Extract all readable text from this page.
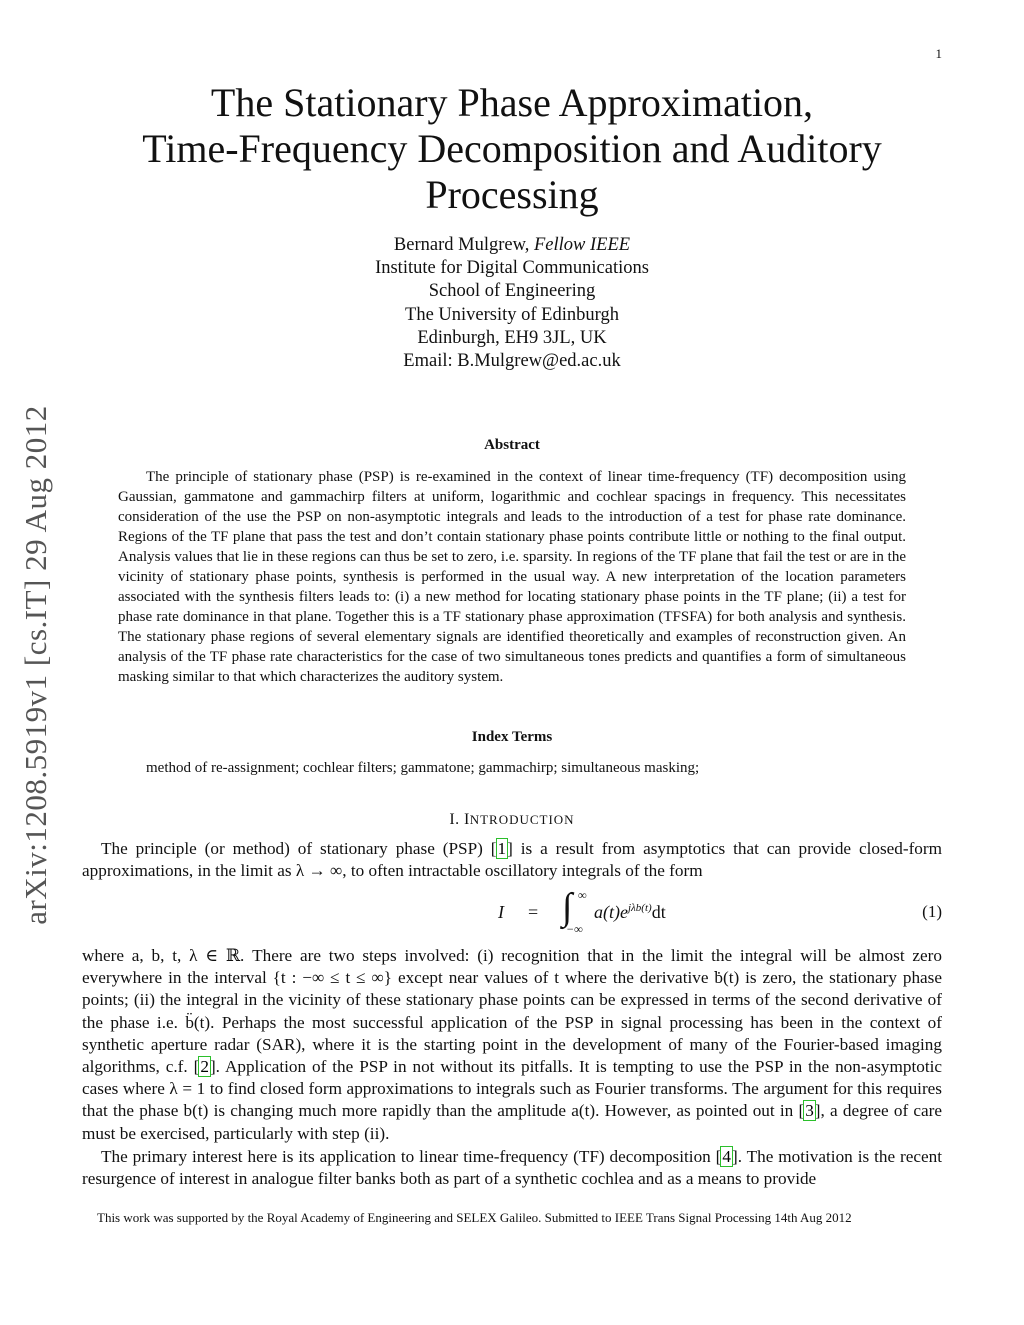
1
arXiv:1208.5919v1 [cs.IT] 29 Aug 2012
The Stationary Phase Approximation,
Time-Frequency Decomposition and Auditory
Processing
Bernard Mulgrew, Fellow IEEE
Institute for Digital Communications
School of Engineering
The University of Edinburgh
Edinburgh, EH9 3JL, UK
Email: B.Mulgrew@ed.ac.uk
Abstract

The principle of stationary phase (PSP) is re-examined in the context of linear time-frequency (TF) decomposition using Gaussian, gammatone and gammachirp filters at uniform, logarithmic and cochlear spacings in frequency. This necessitates consideration of the use the PSP on non-asymptotic integrals and leads to the introduction of a test for phase rate dominance. Regions of the TF plane that pass the test and don’t contain stationary phase points contribute little or nothing to the final output. Analysis values that lie in these regions can thus be set to zero, i.e. sparsity. In regions of the TF plane that fail the test or are in the vicinity of stationary phase points, synthesis is performed in the usual way. A new interpretation of the location parameters associated with the synthesis filters leads to: (i) a new method for locating stationary phase points in the TF plane; (ii) a test for phase rate dominance in that plane. Together this is a TF stationary phase approximation (TFSFA) for both analysis and synthesis. The stationary phase regions of several elementary signals are identified theoretically and examples of reconstruction given. An analysis of the TF phase rate characteristics for the case of two simultaneous tones predicts and quantifies a form of simultaneous masking similar to that which characterizes the auditory system.

Index Terms
method of re-assignment; cochlear filters; gammatone; gammachirp; simultaneous masking;
I. INTRODUCTION

The principle (or method) of stationary phase (PSP) [1] is a result from asymptotics that can provide closed-form approximations, in the limit as λ → ∞, to often intractable oscillatory integrals of the form

I = ∫ ∞
−∞
$a(t)e^{j\lambda b(t)}dt$	(1)

where a, b, t, λ ∈ ℝ. There are two steps involved: (i) recognition that in the limit the integral will be almost zero everywhere in the interval {t : −∞ ≤ t ≤ ∞} except near values of t where the derivative ḃ(t) is zero, the stationary phase points; (ii) the integral in the vicinity of these stationary phase points can be expressed in terms of the second derivative of the phase i.e. b̈(t). Perhaps the most successful application of the PSP in signal processing has been in the context of synthetic aperture radar (SAR), where it is the starting point in the development of many of the Fourier-based imaging algorithms, c.f. [2]. Application of the PSP in not without its pitfalls. It is tempting to use the PSP in the non-asymptotic cases where λ = 1 to find closed form approximations to integrals such as Fourier transforms. The argument for this requires that the phase b(t) is changing much more rapidly than the amplitude a(t). However, as pointed out in [3], a degree of care must be exercised, particularly with step (ii).

The primary interest here is its application to linear time-frequency (TF) decomposition [4]. The motivation is the recent resurgence of interest in analogue filter banks both as part of a synthetic cochlea and as a means to provide

This work was supported by the Royal Academy of Engineering and SELEX Galileo. Submitted to IEEE Trans Signal Processing 14th Aug 2012
